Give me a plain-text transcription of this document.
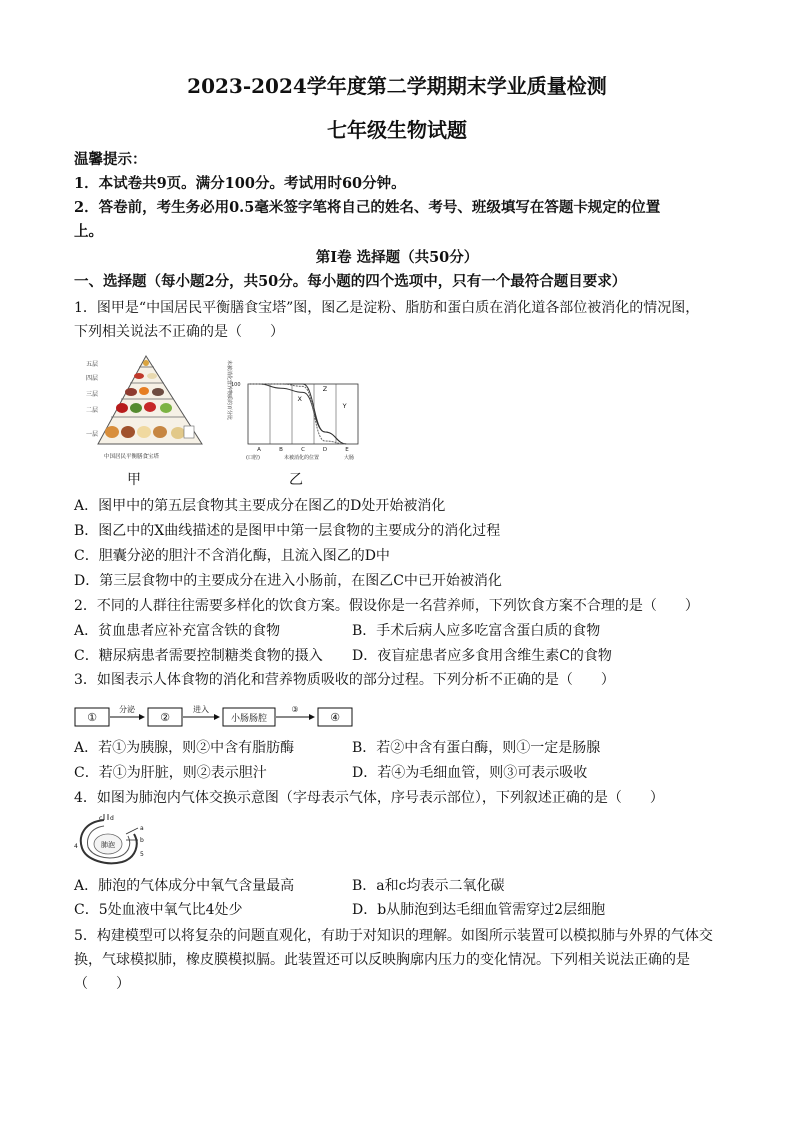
2023-2024学年度第二学期期末学业质量检测
七年级生物试题
温馨提示：
1．本试卷共9页。满分100分。考试用时60分钟。
2．答卷前，考生务必用0.5毫米签字笔将自己的姓名、考号、班级填写在答题卡规定的位置
上。
第Ⅰ卷 选择题（共50分）
一、选择题（每小题2分，共50分。每小题的四个选项中，只有一个最符合题目要求）
1．图甲是“中国居民平衡膳食宝塔”图，图乙是淀粉、脂肪和蛋白质在消化道各部位被消化的情况图，
下列相关说法不正确的是（　　）
五层
四层
三层
二层
一层
中国居民平衡膳食宝塔
甲
未被消化营养物质的百分比 100
A	B	C	D	E
X
Y
Z
未被消化的位置
(口腔)	大肠
乙
A．图甲中的第五层食物其主要成分在图乙的D处开始被消化
B．图乙中的X曲线描述的是图甲中第一层食物的主要成分的消化过程
C．胆囊分泌的胆汁不含消化酶，且流入图乙的D中
D．第三层食物中的主要成分在进入小肠前，在图乙C中已开始被消化
2．不同的人群往往需要多样化的饮食方案。假设你是一名营养师，下列饮食方案不合理的是（　　）
A．贫血患者应补充富含铁的食物	B．手术后病人应多吃富含蛋白质的食物
C．糖尿病患者需要控制糖类食物的摄入 D．夜盲症患者应多食用含维生素C的食物
3．如图表示人体食物的消化和营养物质吸收的部分过程。下列分析不正确的是（　　）
①
分泌
②
进入
小肠肠腔
③
④
A．若①为胰腺，则②中含有脂肪酶	B．若②中含有蛋白酶，则①一定是肠腺
C．若①为肝脏，则②表示胆汁	D．若④为毛细血管，则③可表示吸收
4．如图为肺泡内气体交换示意图（字母表示气体，序号表示部位），下列叙述正确的是（　　）
肺泡
c d
a
b
4
5
A．肺泡的气体成分中氧气含量最高	B．a和c均表示二氧化碳
C．5处血液中氧气比4处少	D．b从肺泡到达毛细血管需穿过2层细胞
5．构建模型可以将复杂的问题直观化，有助于对知识的理解。如图所示装置可以模拟肺与外界的气体交
换，气球模拟肺，橡皮膜模拟膈。此装置还可以反映胸廓内压力的变化情况。下列相关说法正确的是
（　　）
